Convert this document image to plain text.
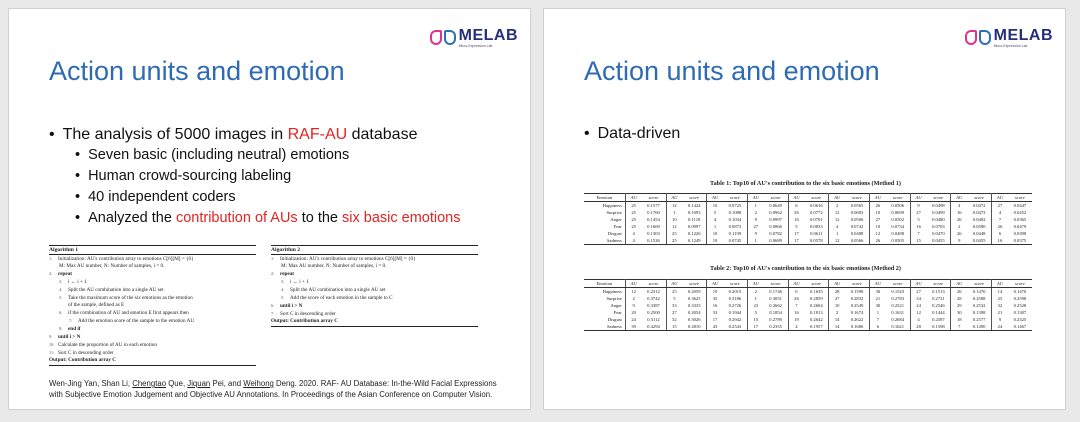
MELAB
Micro-Expression Lab
Action units and emotion
• The analysis of 5000 images in RAF-AU database
• Seven basic (including neutral) emotions
• Human crowd-sourcing labeling
• 40 independent coders
• Analyzed the contribution of AUs to the six basic emotions
Algorithm 1
1: Initialization: AU's contribution array to emotions C[6][M] = {0}
M: Max AU number, N: Number of samples, i = 0.
2: repeat
3: i ← i + 1
4: Split the AU combination into a single AU set
5: Take the maximum score of the six emotions as the emotion
of the sample, defined as E
6: if the combination of AU and emotion E first appears then
7: Add the emotion score of the sample to the emotion AU
8: end if
9: until i > N
10: Calculate the proportion of AU in each emotion
11: Sort C in descending order
Output: Contribution array C
Algorithm 2
1: Initialization: AU's contribution array to emotions C[6][M] = {0}
M: Max AU number, N: Number of samples, i = 0.
2: repeat
3: i ← i + 1
4: Split the AU combination into a single AU set
5: Add the score of each emotion in the sample to C
6: until i > N
7: Sort C in descending order
Output: Contribution array C
Wen-Jing Yan, Shan Li, Chengtao Que, Jiquan Pei, and Weihong Deng. 2020. RAF- AU Database: In-the-Wild Facial Expressions with Subjective Emotion Judgement and Objective AU Annotations. In Proceedings of the Asian Conference on Computer Vision.
MELAB
Micro-Expression Lab
Action units and emotion
• Data-driven
Table 1: Top10 of AU's contribution to the six basic emotions (Method 1)
Emotion	AU	score	AU	score	AU	score	AU	score	AU	score	AU	score	AU	score	AU	score	AU	score	AU	score
Happiness	25	0.1577	12	0.1424	10	0.0725	1	0.0649	6	0.0616	2	0.0565	26	0.0506	9	0.0498	4	0.0472	27	0.0447
Surprise	25	0.1760	1	0.1093	5	0.1088	2	0.0962	26	0.0772	12	0.0683	10	0.0699	27	0.0499	16	0.0473	4	0.0452
Anger	25	0.1454	10	0.1118	4	0.1034	9	0.0997	16	0.0701	12	0.0506	27	0.0502	5	0.0480	26	0.0402	7	0.0365
Fear	25	0.1669	12	0.0997	1	0.0873	27	0.0866	5	0.0833	4	0.0742	10	0.0734	16	0.0703	2	0.0580	26	0.0479
Disgust	4	0.1303	25	0.1226	10	0.1199	9	0.0782	17	0.0611	1	0.0488	12	0.0488	7	0.0470	26	0.0448	6	0.0398
Sadness	4	0.1526	25	0.1249	10	0.0745	1	0.0689	17	0.0578	12	0.0566	26	0.0505	15	0.0455	9	0.0455	16	0.0375
Table 2: Top10 of AU's contribution to the six basic emotions (Method 2)
Emotion	AU	score	AU	score	AU	score	AU	score	AU	score	AU	score	AU	score	AU	score	AU	score	AU	score
Happiness	12	0.2312	25	0.2059	19	0.2015	2	0.1746	6	0.1635	28	0.1598	30	0.1543	27	0.1513	26	0.1470	14	0.1470
Surprise	2	0.3742	5	0.3625	35	0.3186	1	0.3051	26	0.2859	27	0.2832	21	0.2783	34	0.2721	28	0.2588	25	0.2598
Anger	9	0.3387	33	0.3333	16	0.2726	23	0.2662	7	0.2604	10	0.2549	30	0.2521	24	0.2546	29	0.2532	32	0.2528
Fear	20	0.2500	27	0.2054	33	0.1944	5	0.1854	16	0.1813	2	0.1674	1	0.1631	12	0.1444	30	0.1398	21	0.1307
Disgust	24	0.3112	32	0.3026	17	0.2942	15	0.2789	19	0.2642	14	0.2622	7	0.2684	4	0.2587	18	0.2577	9	0.2525
Sadness	39	0.4294	15	0.2810	43	0.2543	17	0.2355	4	0.1957	14	0.1686	6	0.1621	28	0.1598	7	0.1490	24	0.1467
